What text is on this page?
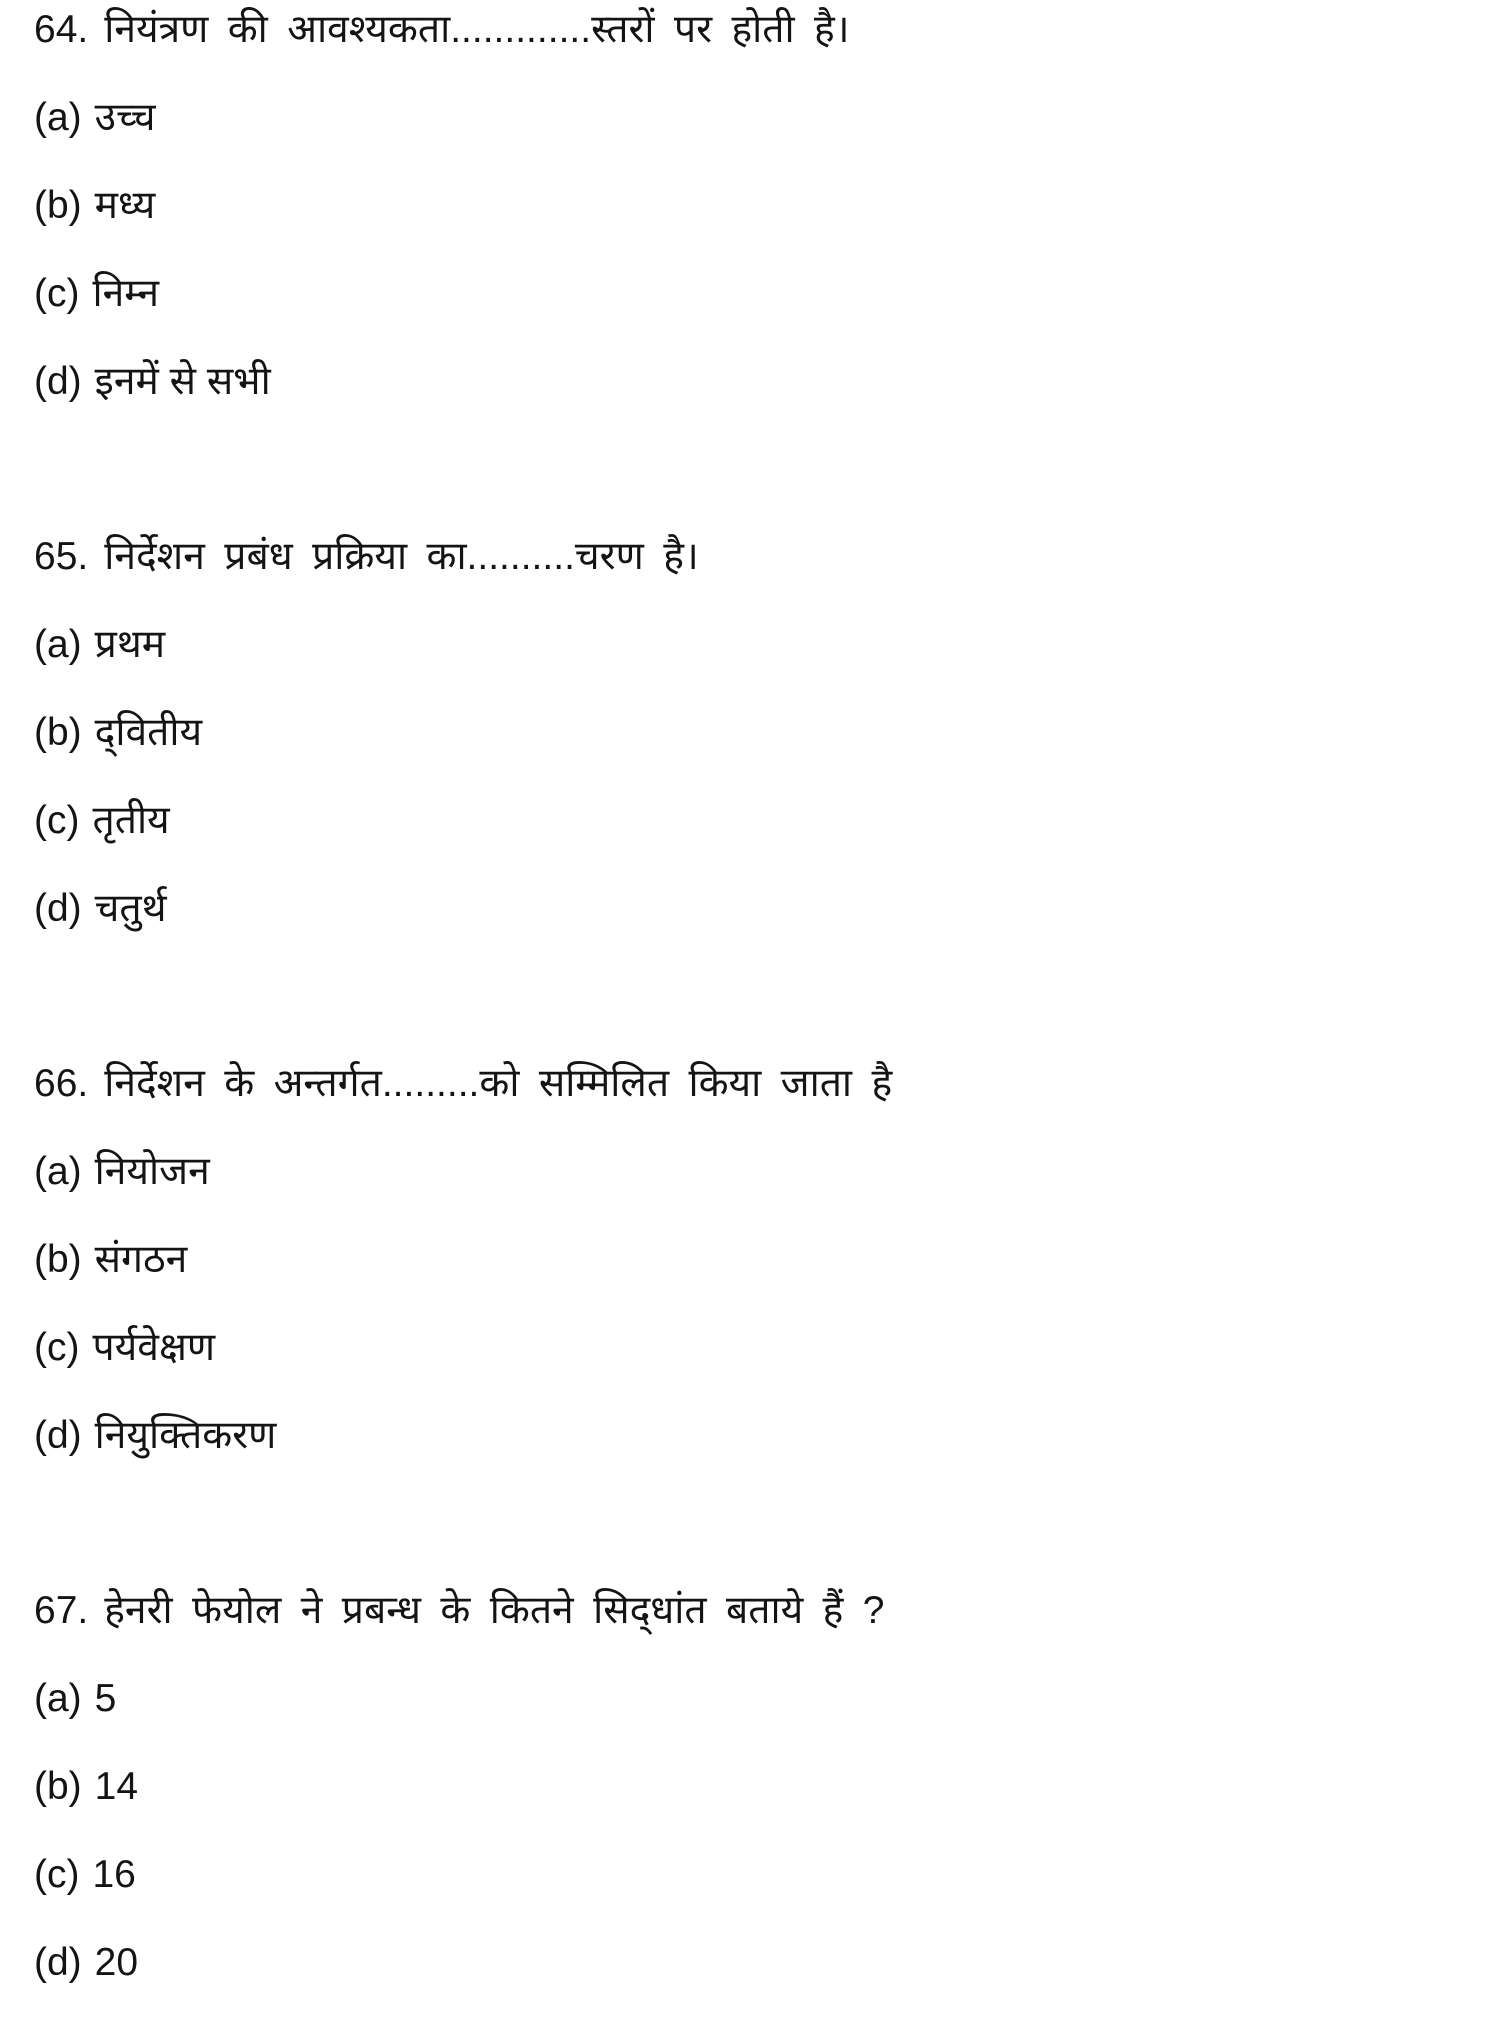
64. नियंत्रण की आवश्यकता.............स्तरों पर होती है।
(a) उच्च
(b) मध्य
(c) निम्न
(d) इनमें से सभी
65. निर्देशन प्रबंध प्रक्रिया का..........चरण है।
(a) प्रथम
(b) द्‌वितीय
(c) तृतीय
(d) चतुर्थ
66. निर्देशन के अन्तर्गत.........को सम्मिलित किया जाता है
(a) नियोजन
(b) संगठन
(c) पर्यवेक्षण
(d) नियुक्तिकरण
67. हेनरी फेयोल ने प्रबन्ध के कितने सिद्‌धांत बताये हैं ?
(a) 5
(b) 14
(c) 16
(d) 20
